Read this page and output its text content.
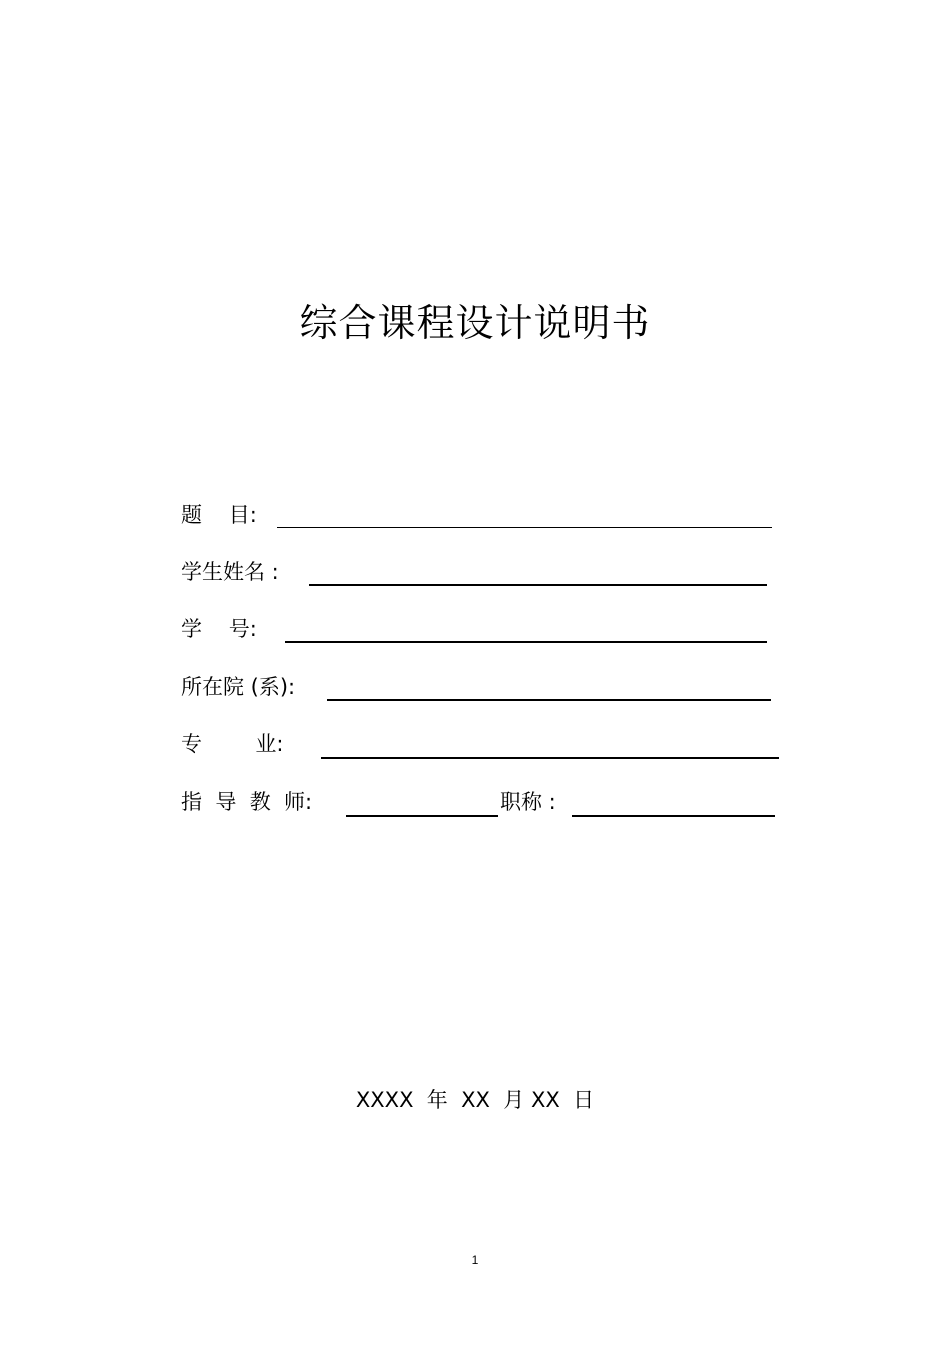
综合课程设计说明书
题    目:
学生姓名 :
学    号:
所在院 (系):
专        业:
指  导  教  师:	职称 :
XXXX  年  XX  月 XX  日
1
